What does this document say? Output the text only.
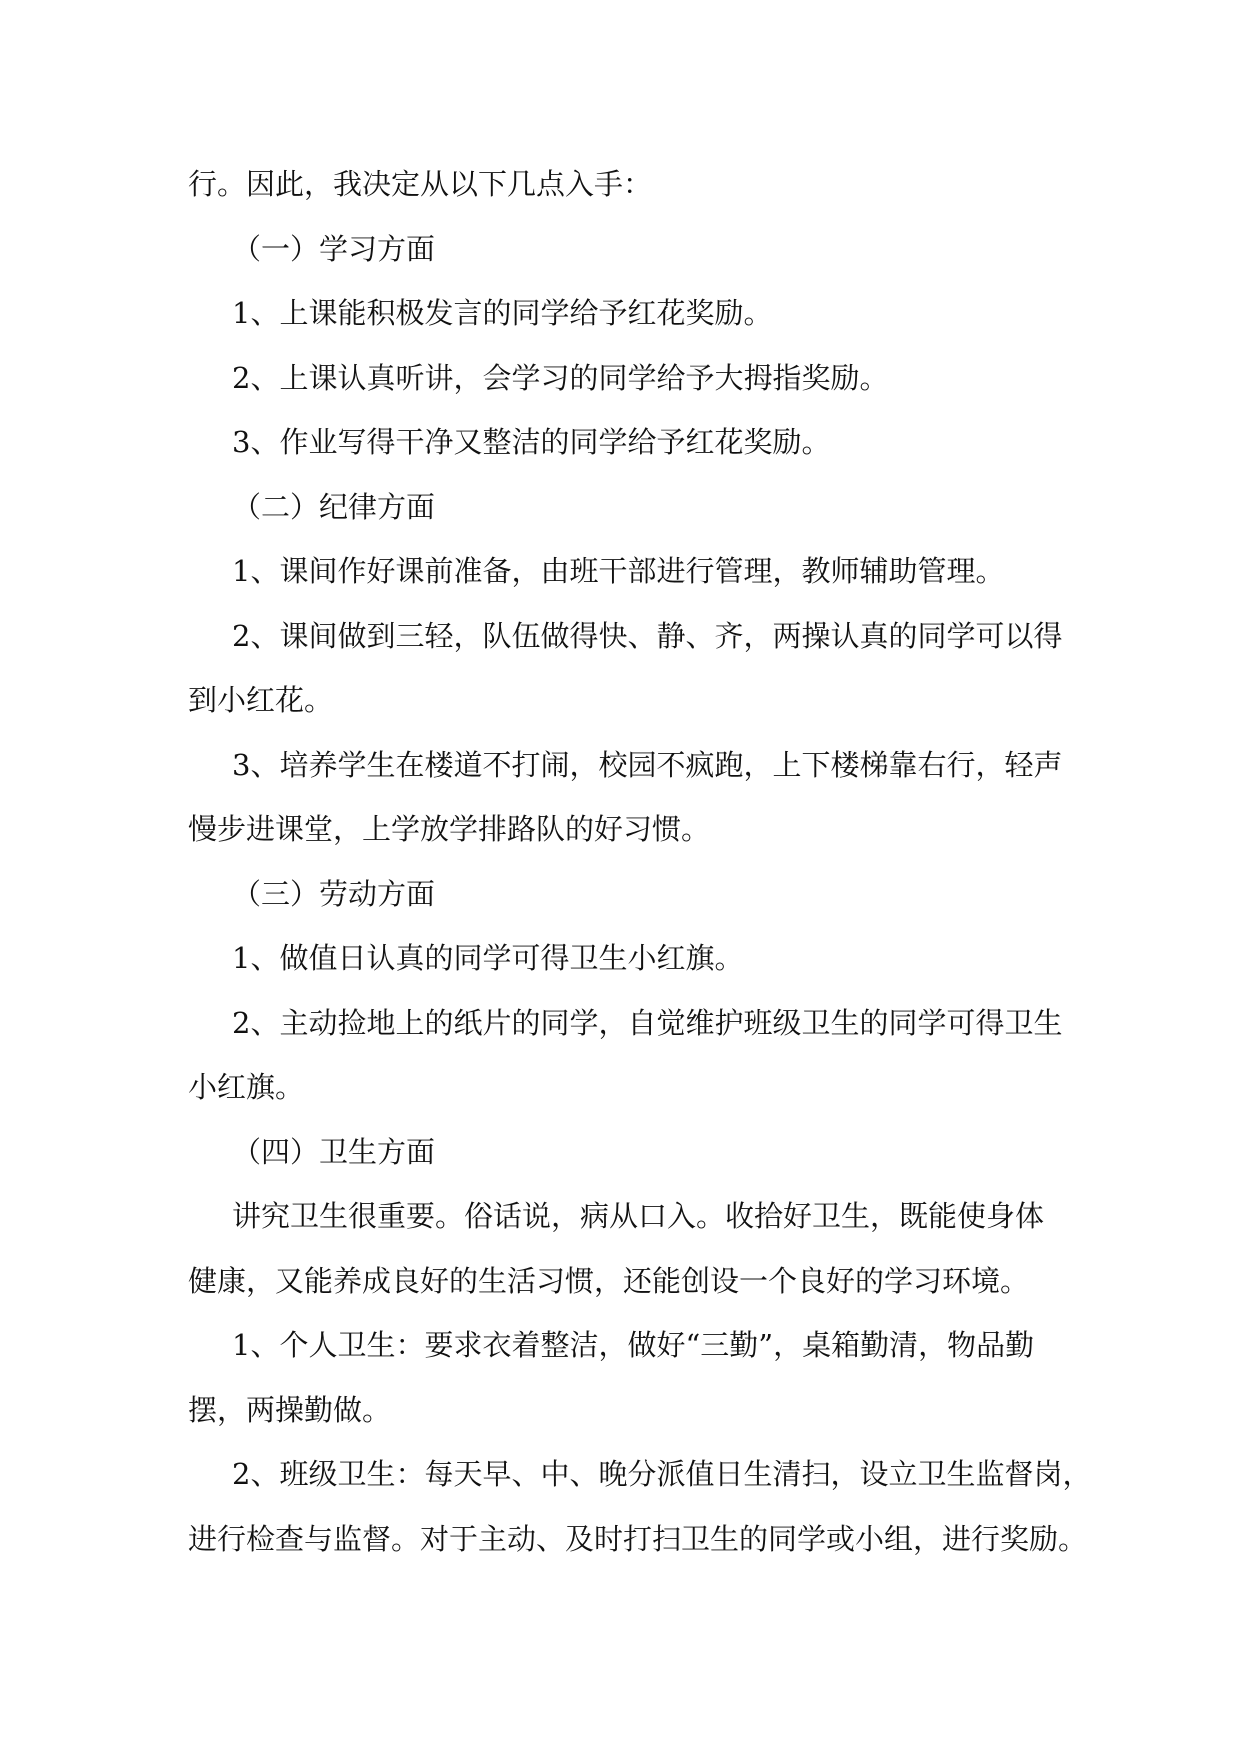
行。因此，我决定从以下几点入手：
（一）学习方面
1、上课能积极发言的同学给予红花奖励。
2、上课认真听讲，会学习的同学给予大拇指奖励。
3、作业写得干净又整洁的同学给予红花奖励。
（二）纪律方面
1、课间作好课前准备，由班干部进行管理，教师辅助管理。
2、课间做到三轻，队伍做得快、静、齐，两操认真的同学可以得
到小红花。
3、培养学生在楼道不打闹，校园不疯跑，上下楼梯靠右行，轻声
慢步进课堂，上学放学排路队的好习惯。
（三）劳动方面
1、做值日认真的同学可得卫生小红旗。
2、主动捡地上的纸片的同学，自觉维护班级卫生的同学可得卫生
小红旗。
（四）卫生方面
讲究卫生很重要。俗话说，病从口入。收拾好卫生，既能使身体
健康，又能养成良好的生活习惯，还能创设一个良好的学习环境。
1、个人卫生：要求衣着整洁，做好“三勤”，桌箱勤清，物品勤
摆，两操勤做。
2、班级卫生：每天早、中、晚分派值日生清扫，设立卫生监督岗，
进行检查与监督。对于主动、及时打扫卫生的同学或小组，进行奖励。
